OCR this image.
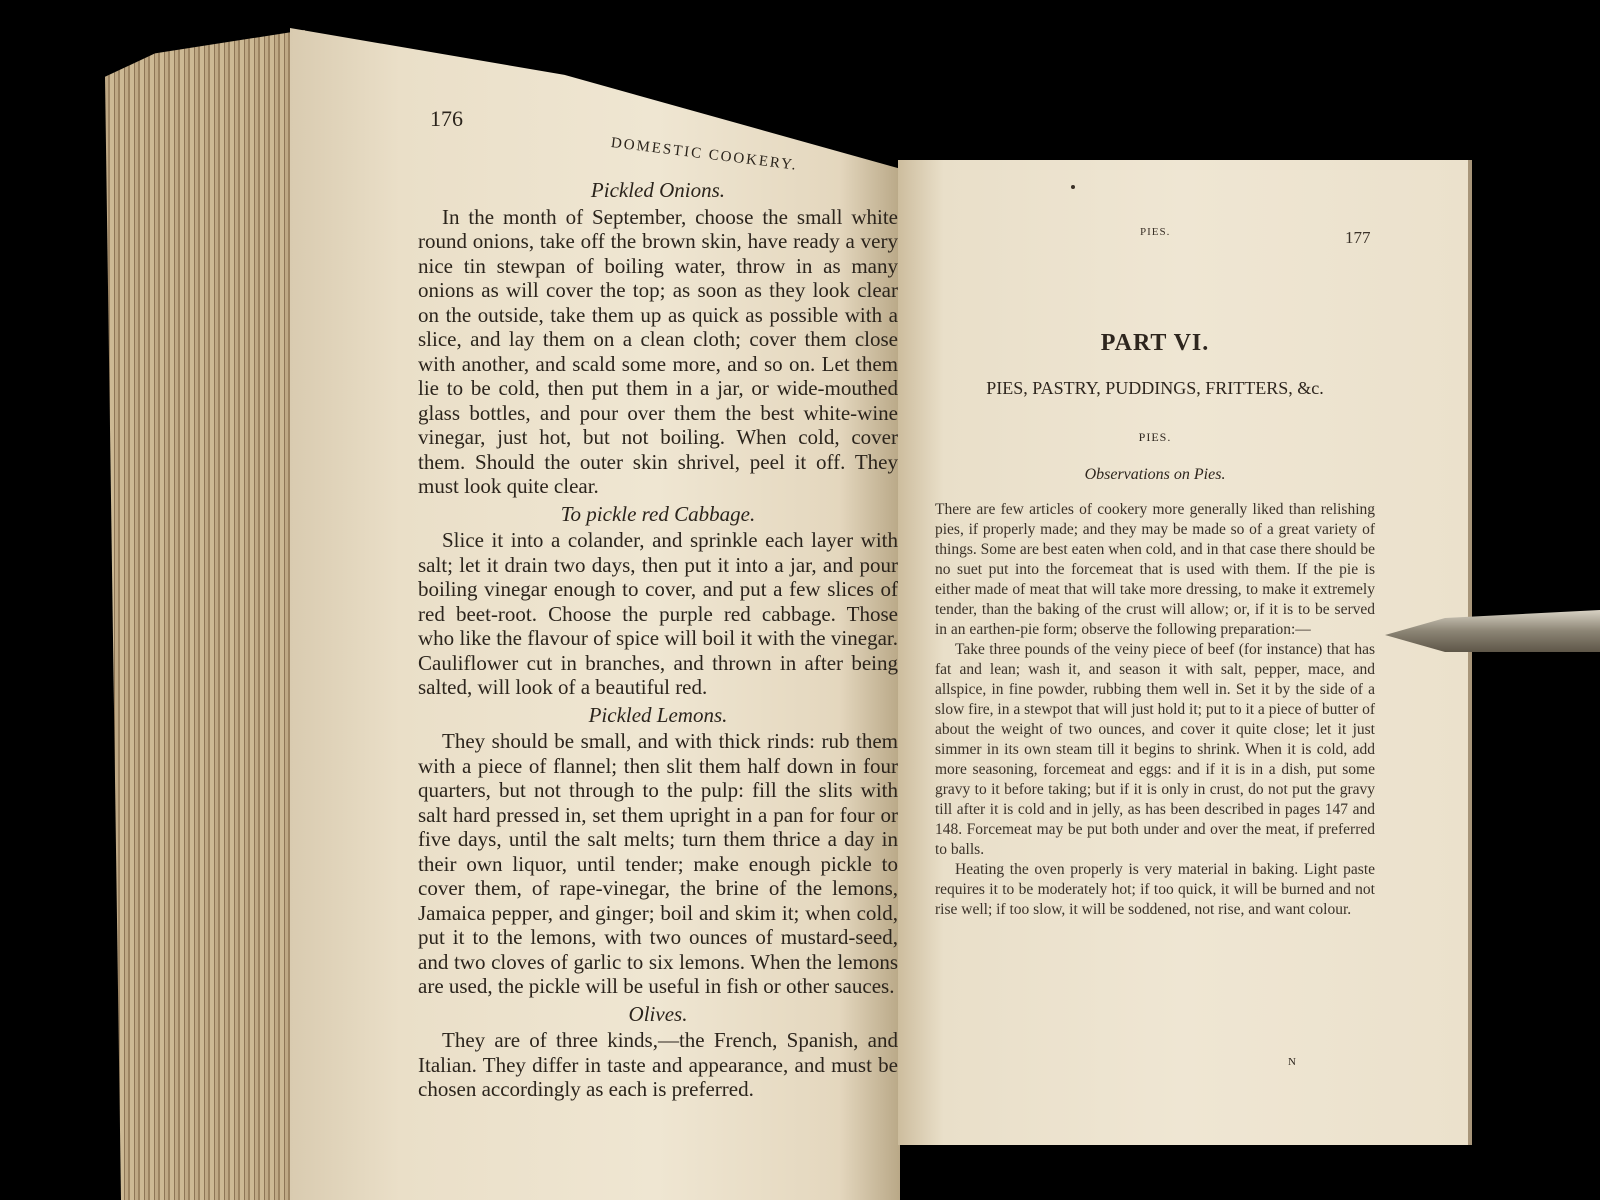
176
DOMESTIC COOKERY.
Pickled Onions.

In the month of September, choose the small white round onions, take off the brown skin, have ready a very nice tin stewpan of boiling water, throw in as many onions as will cover the top; as soon as they look clear on the outside, take them up as quick as possible with a slice, and lay them on a clean cloth; cover them close with another, and scald some more, and so on. Let them lie to be cold, then put them in a jar, or wide-mouthed glass bottles, and pour over them the best white-wine vinegar, just hot, but not boiling. When cold, cover them. Should the outer skin shrivel, peel it off. They must look quite clear.

To pickle red Cabbage.

Slice it into a colander, and sprinkle each layer with salt; let it drain two days, then put it into a jar, and pour boiling vinegar enough to cover, and put a few slices of red beet-root. Choose the purple red cabbage. Those who like the flavour of spice will boil it with the vinegar. Cauliflower cut in branches, and thrown in after being salted, will look of a beautiful red.

Pickled Lemons.

They should be small, and with thick rinds: rub them with a piece of flannel; then slit them half down in four quarters, but not through to the pulp: fill the slits with salt hard pressed in, set them upright in a pan for four or five days, until the salt melts; turn them thrice a day in their own liquor, until tender; make enough pickle to cover them, of rape-vinegar, the brine of the lemons, Jamaica pepper, and ginger; boil and skim it; when cold, put it to the lemons, with two ounces of mustard-seed, and two cloves of garlic to six lemons. When the lemons are used, the pickle will be useful in fish or other sauces.

Olives.

They are of three kinds,—the French, Spanish, and Italian. They differ in taste and appearance, and must be chosen accordingly as each is preferred.

PIES.	177
PART VI.
PIES, PASTRY, PUDDINGS, FRITTERS, &c.
PIES.
Observations on Pies.

There are few articles of cookery more generally liked than relishing pies, if properly made; and they may be made so of a great variety of things. Some are best eaten when cold, and in that case there should be no suet put into the forcemeat that is used with them. If the pie is either made of meat that will take more dressing, to make it extremely tender, than the baking of the crust will allow; or, if it is to be served in an earthen-pie form; observe the following preparation:—

Take three pounds of the veiny piece of beef (for instance) that has fat and lean; wash it, and season it with salt, pepper, mace, and allspice, in fine powder, rubbing them well in. Set it by the side of a slow fire, in a stewpot that will just hold it; put to it a piece of butter of about the weight of two ounces, and cover it quite close; let it just simmer in its own steam till it begins to shrink. When it is cold, add more seasoning, forcemeat and eggs: and if it is in a dish, put some gravy to it before taking; but if it is only in crust, do not put the gravy till after it is cold and in jelly, as has been described in pages 147 and 148. Forcemeat may be put both under and over the meat, if preferred to balls.

Heating the oven properly is very material in baking. Light paste requires it to be moderately hot; if too quick, it will be burned and not rise well; if too slow, it will be soddened, not rise, and want colour.

N
